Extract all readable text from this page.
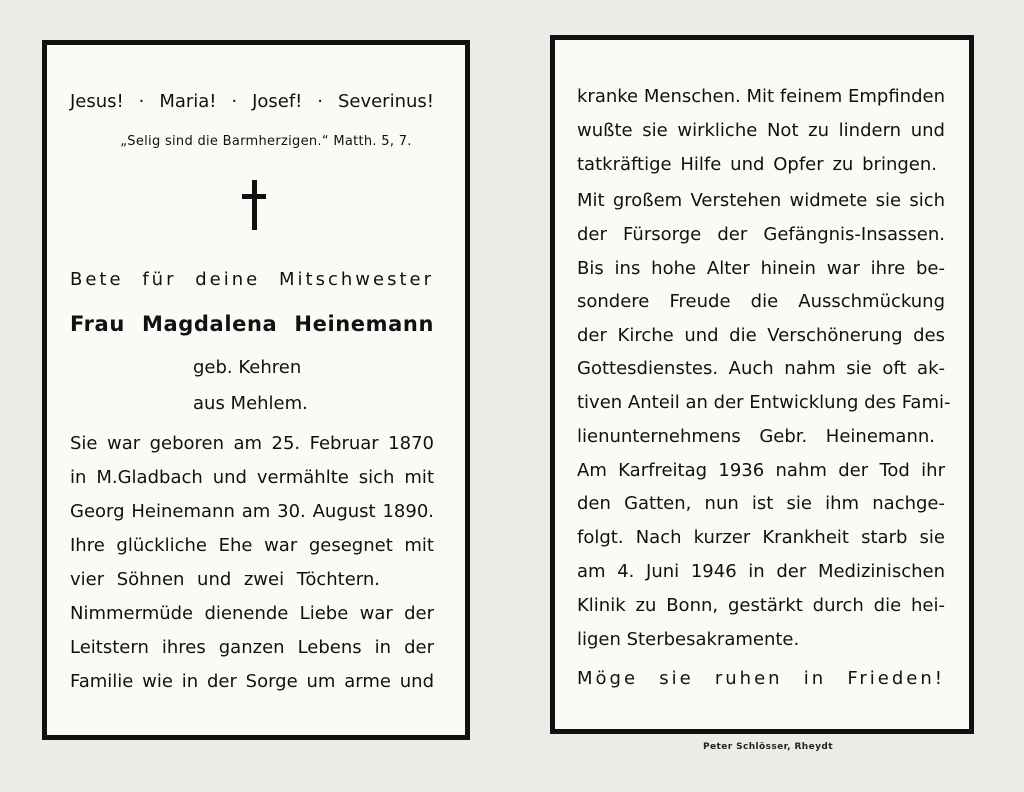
Jesus! · Maria! · Josef! · Severinus!
„Selig sind die Barmherzigen.“ Matth. 5, 7.
Bete für deine Mitschwester
Frau Magdalena Heinemann
geb. Kehren
aus Mehlem.
Sie war geboren am 25. Februar 1870
in M.Gladbach und vermählte sich mit
Georg Heinemann am 30. August 1890.
Ihre glückliche Ehe war gesegnet mit
vier Söhnen und zwei Töchtern.
Nimmermüde dienende Liebe war der
Leitstern ihres ganzen Lebens in der
Familie wie in der Sorge um arme und
kranke Menschen. Mit feinem Empfinden
wußte sie wirkliche Not zu lindern und
tatkräftige Hilfe und Opfer zu bringen.
Mit großem Verstehen widmete sie sich
der Fürsorge der Gefängnis-Insassen.
Bis ins hohe Alter hinein war ihre be-
sondere Freude die Ausschmückung
der Kirche und die Verschönerung des
Gottesdienstes. Auch nahm sie oft ak-
tiven Anteil an der Entwicklung des Fami-
lienunternehmens Gebr. Heinemann.
Am Karfreitag 1936 nahm der Tod ihr
den Gatten, nun ist sie ihm nachge-
folgt. Nach kurzer Krankheit starb sie
am 4. Juni 1946 in der Medizinischen
Klinik zu Bonn, gestärkt durch die hei-
ligen Sterbesakramente.
Möge sie ruhen in Frieden!
Peter Schlösser, Rheydt
